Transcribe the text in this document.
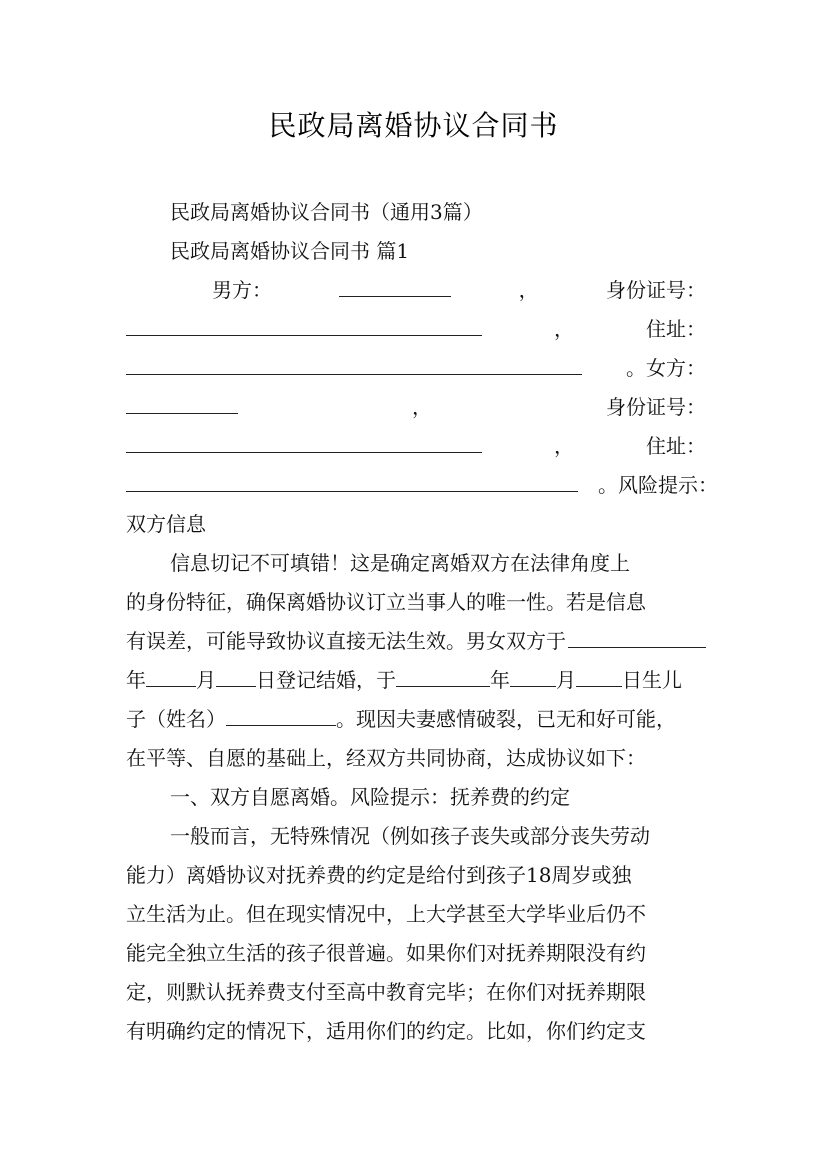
民政局离婚协议合同书
民政局离婚协议合同书（通用3篇）
民政局离婚协议合同书 篇1
男方：	，	身份证号：
，	住址：
。女方：
，	身份证号：
，	住址：
。风险提示：
双方信息
信息切记不可填错！这是确定离婚双方在法律角度上
的身份特征，确保离婚协议订立当事人的唯一性。若是信息
有误差，可能导致协议直接无法生效。男女双方于
年	月 日登记结婚，于	年 月 日生儿
子（姓名）	。现因夫妻感情破裂，已无和好可能，
在平等、自愿的基础上，经双方共同协商，达成协议如下：
一、双方自愿离婚。风险提示：抚养费的约定
一般而言，无特殊情况（例如孩子丧失或部分丧失劳动
能力）离婚协议对抚养费的约定是给付到孩子18周岁或独
立生活为止。但在现实情况中，上大学甚至大学毕业后仍不
能完全独立生活的孩子很普遍。如果你们对抚养期限没有约
定，则默认抚养费支付至高中教育完毕；在你们对抚养期限
有明确约定的情况下，适用你们的约定。比如，你们约定支
